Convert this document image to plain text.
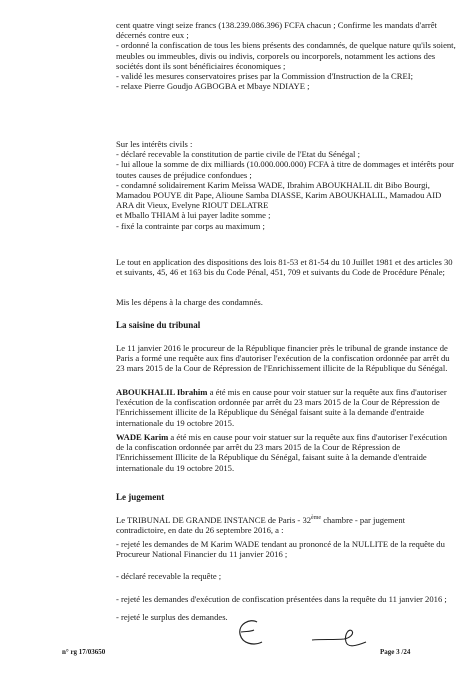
cent quatre vingt seize francs (138.239.086.396) FCFA chacun ; Confirme les mandats d'arrêt décernés contre eux ;

- ordonné la confiscation de tous les biens présents des condamnés, de quelque nature qu'ils soient, meubles ou immeubles, divis ou indivis, corporels ou incorporels, notamment les actions des sociétés dont ils sont bénéficiaires économiques ;

- validé les mesures conservatoires prises par la Commission d'Instruction de la CREI;

- relaxe Pierre Goudjo AGBOGBA et Mbaye NDIAYE ;

Sur les intérêts civils :

- déclaré recevable la constitution de partie civile de l'Etat du Sénégal ;

- lui alloue la somme de dix milliards (10.000.000.000) FCFA à titre de dommages et intérêts pour toutes causes de préjudice confondues ;

- condamné solidairement Karim Meïssa WADE, Ibrahim ABOUKHALIL dit Bibo Bourgi, Mamadou POUYE dit Pape, Alioune Samba DIASSE, Karim ABOUKHALIL, Mamadou AID ARA dit Vieux, Evelyne RIOUT DELATRE

et Mballo THIAM à lui payer ladite somme ;

- fixé la contrainte par corps au maximum ;

Le tout en application des dispositions des lois 81-53 et 81-54 du 10 Juillet 1981 et des articles 30 et suivants, 45, 46 et 163 bis du Code Pénal, 451, 709 et suivants du Code de Procédure Pénale;

Mis les dépens à la charge des condamnés.

La saisine du tribunal

Le 11 janvier 2016 le procureur de la République financier près le tribunal de grande instance de Paris a formé une requête aux fins d'autoriser l'exécution de la confiscation ordonnée par arrêt du 23 mars 2015 de la Cour de Répression de l'Enrichissement illicite de la République du Sénégal.

ABOUKHALIL Ibrahim a été mis en cause pour voir statuer sur la requête aux fins d'autoriser l'exécution de la confiscation ordonnée par arrêt du 23 mars 2015 de la Cour de Répression de l'Enrichissement illicite de la République du Sénégal faisant suite à la demande d'entraide internationale du 19 octobre 2015.

WADE Karim a été mis en cause pour voir statuer sur la requête aux fins d'autoriser l'exécution de la confiscation ordonnée par arrêt du 23 mars 2015 de la Cour de Répression de l'Enrichissement Illicite de la République du Sénégal, faisant suite à la demande d'entraide internationale du 19 octobre 2015.

Le jugement

Le TRIBUNAL DE GRANDE INSTANCE de Paris - 32ème chambre - par jugement contradictoire, en date du 26 septembre 2016, a :

- rejeté les demandes de M Karim WADE tendant au prononcé de la NULLITE de la requête du Procureur National Financier du 11 janvier 2016 ;

- déclaré recevable la requête ;

- rejeté les demandes d'exécution de confiscation présentées dans la requête du 11 janvier 2016 ;

- rejeté le surplus des demandes.

n° rg 17/03650	Page 3 /24
